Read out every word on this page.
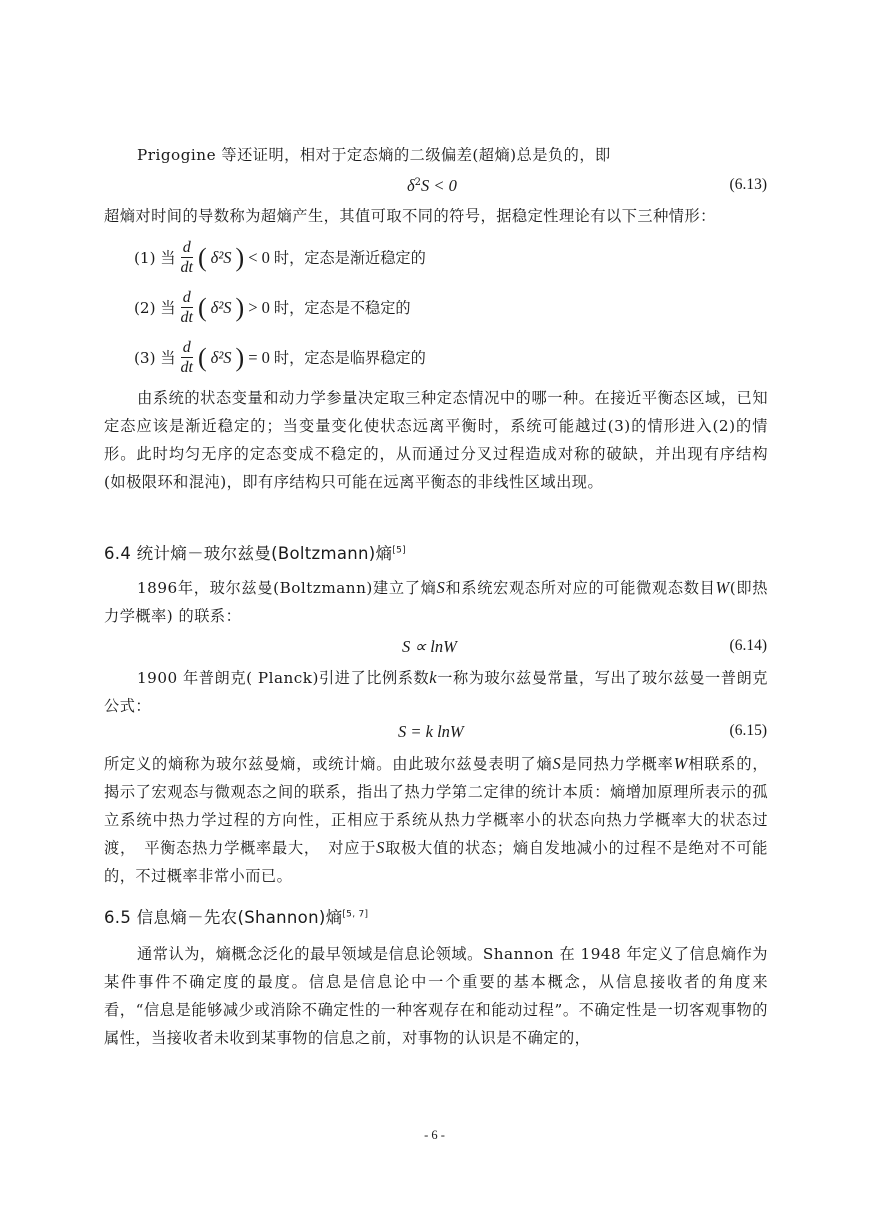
Prigogine 等还证明，相对于定态熵的二级偏差(超熵)总是负的，即
$\delta^2S < 0$	(6.13)
超熵对时间的导数称为超熵产生，其值可取不同的符号，据稳定性理论有以下三种情形：
(1) 当 $\frac{d}{dt}$ ( δ²S ) < 0 时，定态是渐近稳定的
(2) 当 $\frac{d}{dt}$ ( δ²S ) > 0 时，定态是不稳定的
(3) 当 $\frac{d}{dt}$ ( δ²S ) = 0 时，定态是临界稳定的
由系统的状态变量和动力学参量决定取三种定态情况中的哪一种。在接近平衡态区域，已知定态应该是渐近稳定的；当变量变化使状态远离平衡时，系统可能越过(3)的情形进入(2)的情形。此时均匀无序的定态变成不稳定的，从而通过分叉过程造成对称的破缺，并出现有序结构(如极限环和混沌)，即有序结构只可能在远离平衡态的非线性区域出现。
6.4 统计熵－玻尔兹曼(Boltzmann)熵[5]
1896年，玻尔兹曼(Boltzmann)建立了熵S和系统宏观态所对应的可能微观态数目W(即热力学概率) 的联系：
S ∝ lnW	(6.14)
1900 年普朗克( Planck)引进了比例系数k一称为玻尔兹曼常量，写出了玻尔兹曼一普朗克公式：
S = k lnW	(6.15)
所定义的熵称为玻尔兹曼熵，或统计熵。由此玻尔兹曼表明了熵S是同热力学概率W相联系的，揭示了宏观态与微观态之间的联系，指出了热力学第二定律的统计本质：熵增加原理所表示的孤立系统中热力学过程的方向性，正相应于系统从热力学概率小的状态向热力学概率大的状态过渡，　平衡态热力学概率最大，　对应于S取极大值的状态；熵自发地减小的过程不是绝对不可能的，不过概率非常小而已。
6.5 信息熵－先农(Shannon)熵[5, 7]
通常认为，熵概念泛化的最早领域是信息论领域。Shannon 在 1948 年定义了信息熵作为某件事件不确定度的最度。信息是信息论中一个重要的基本概念，从信息接收者的角度来看，“信息是能够减少或消除不确定性的一种客观存在和能动过程”。不确定性是一切客观事物的属性，当接收者未收到某事物的信息之前，对事物的认识是不确定的，
- 6 -
